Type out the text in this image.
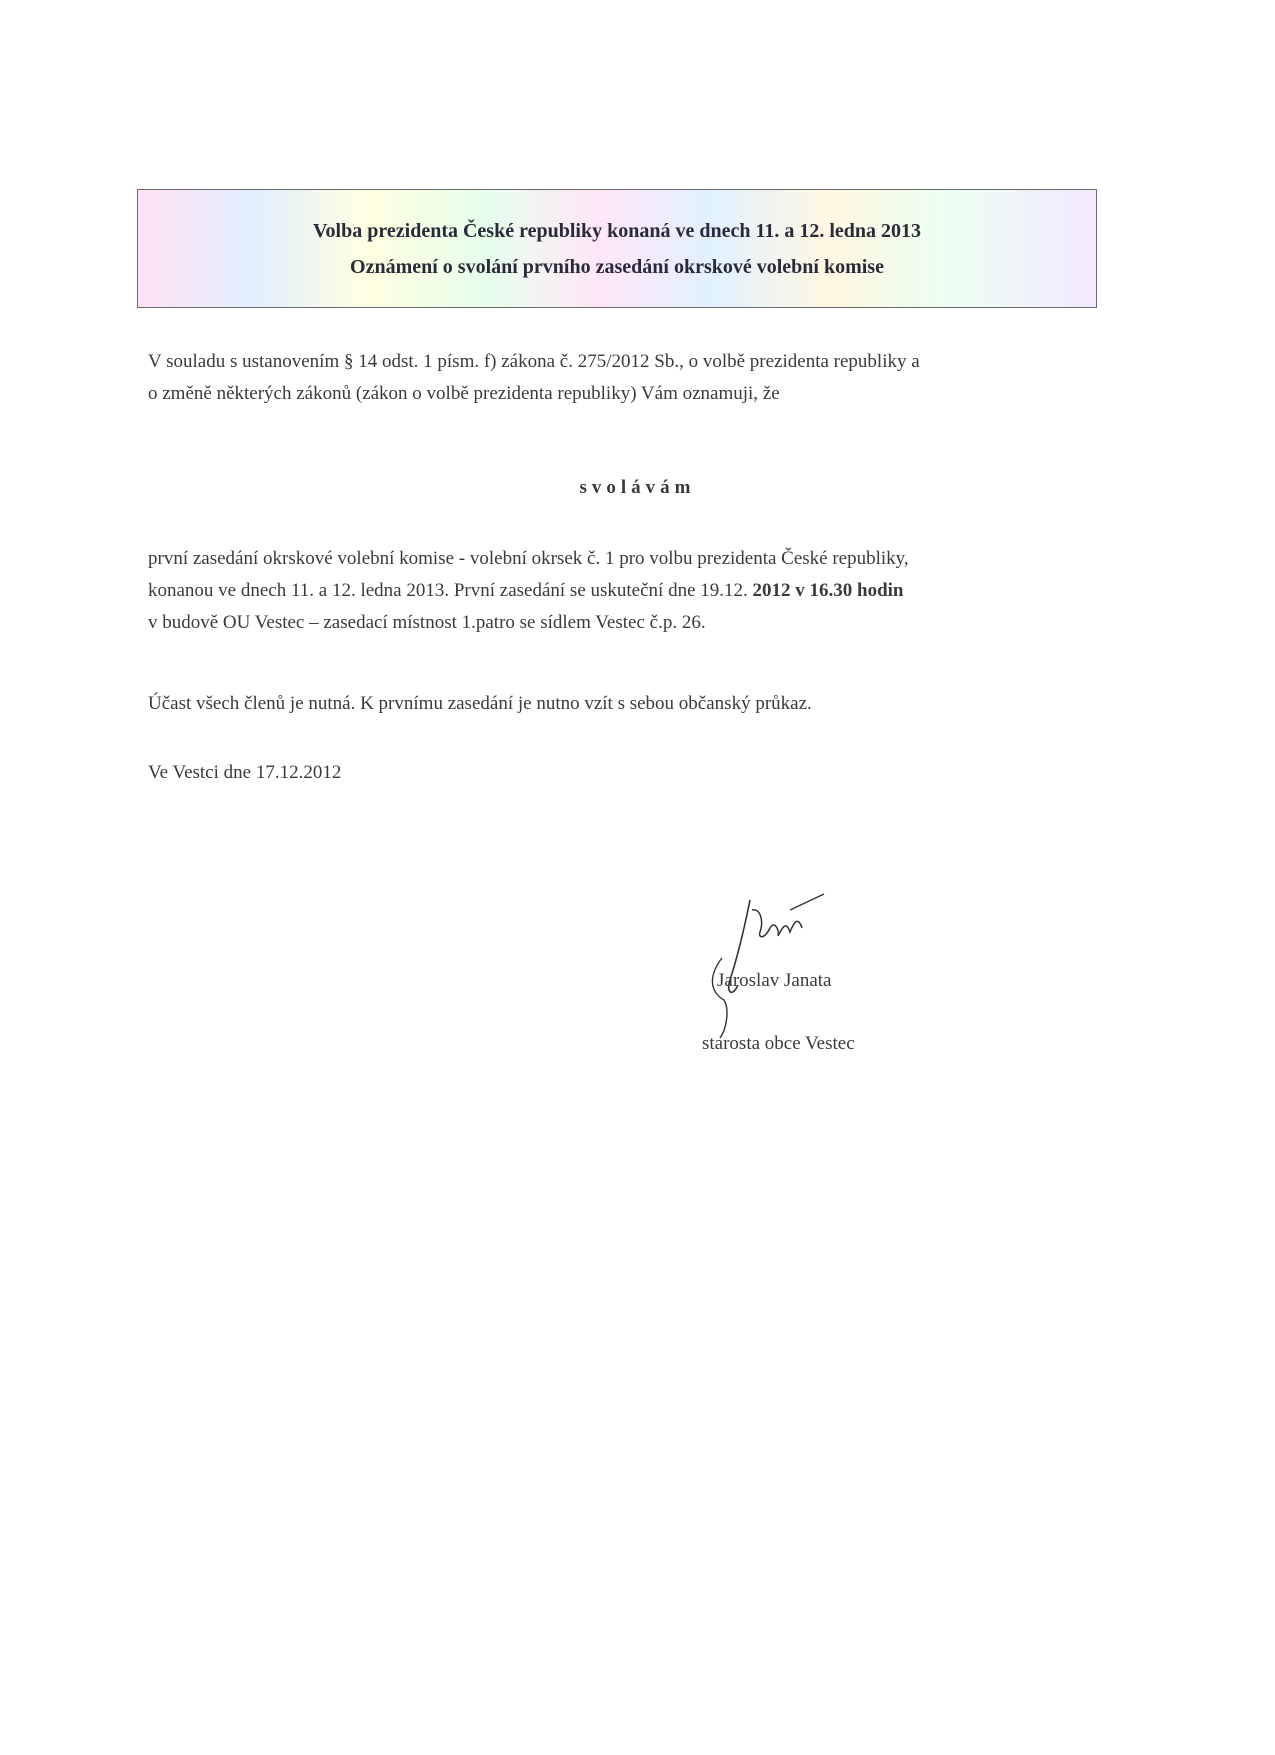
Volba prezidenta České republiky konaná ve dnech 11. a 12. ledna 2013
Oznámení o svolání prvního zasedání okrskové volební komise
V souladu s ustanovením § 14 odst. 1 písm. f) zákona č. 275/2012 Sb., o volbě prezidenta republiky a
o změně některých zákonů (zákon o volbě prezidenta republiky) Vám oznamuji, že
svolávám
první zasedání okrskové volební komise - volební okrsek č. 1 pro volbu prezidenta České republiky,
konanou ve dnech 11. a 12. ledna 2013. První zasedání se uskuteční dne 19.12. 2012 v 16.30 hodin
v budově OU Vestec – zasedací místnost 1.patro se sídlem Vestec č.p. 26.
Účast všech členů je nutná. K prvnímu zasedání je nutno vzít s sebou občanský průkaz.
Ve Vestci dne 17.12.2012
Jaroslav Janata
starosta obce Vestec
